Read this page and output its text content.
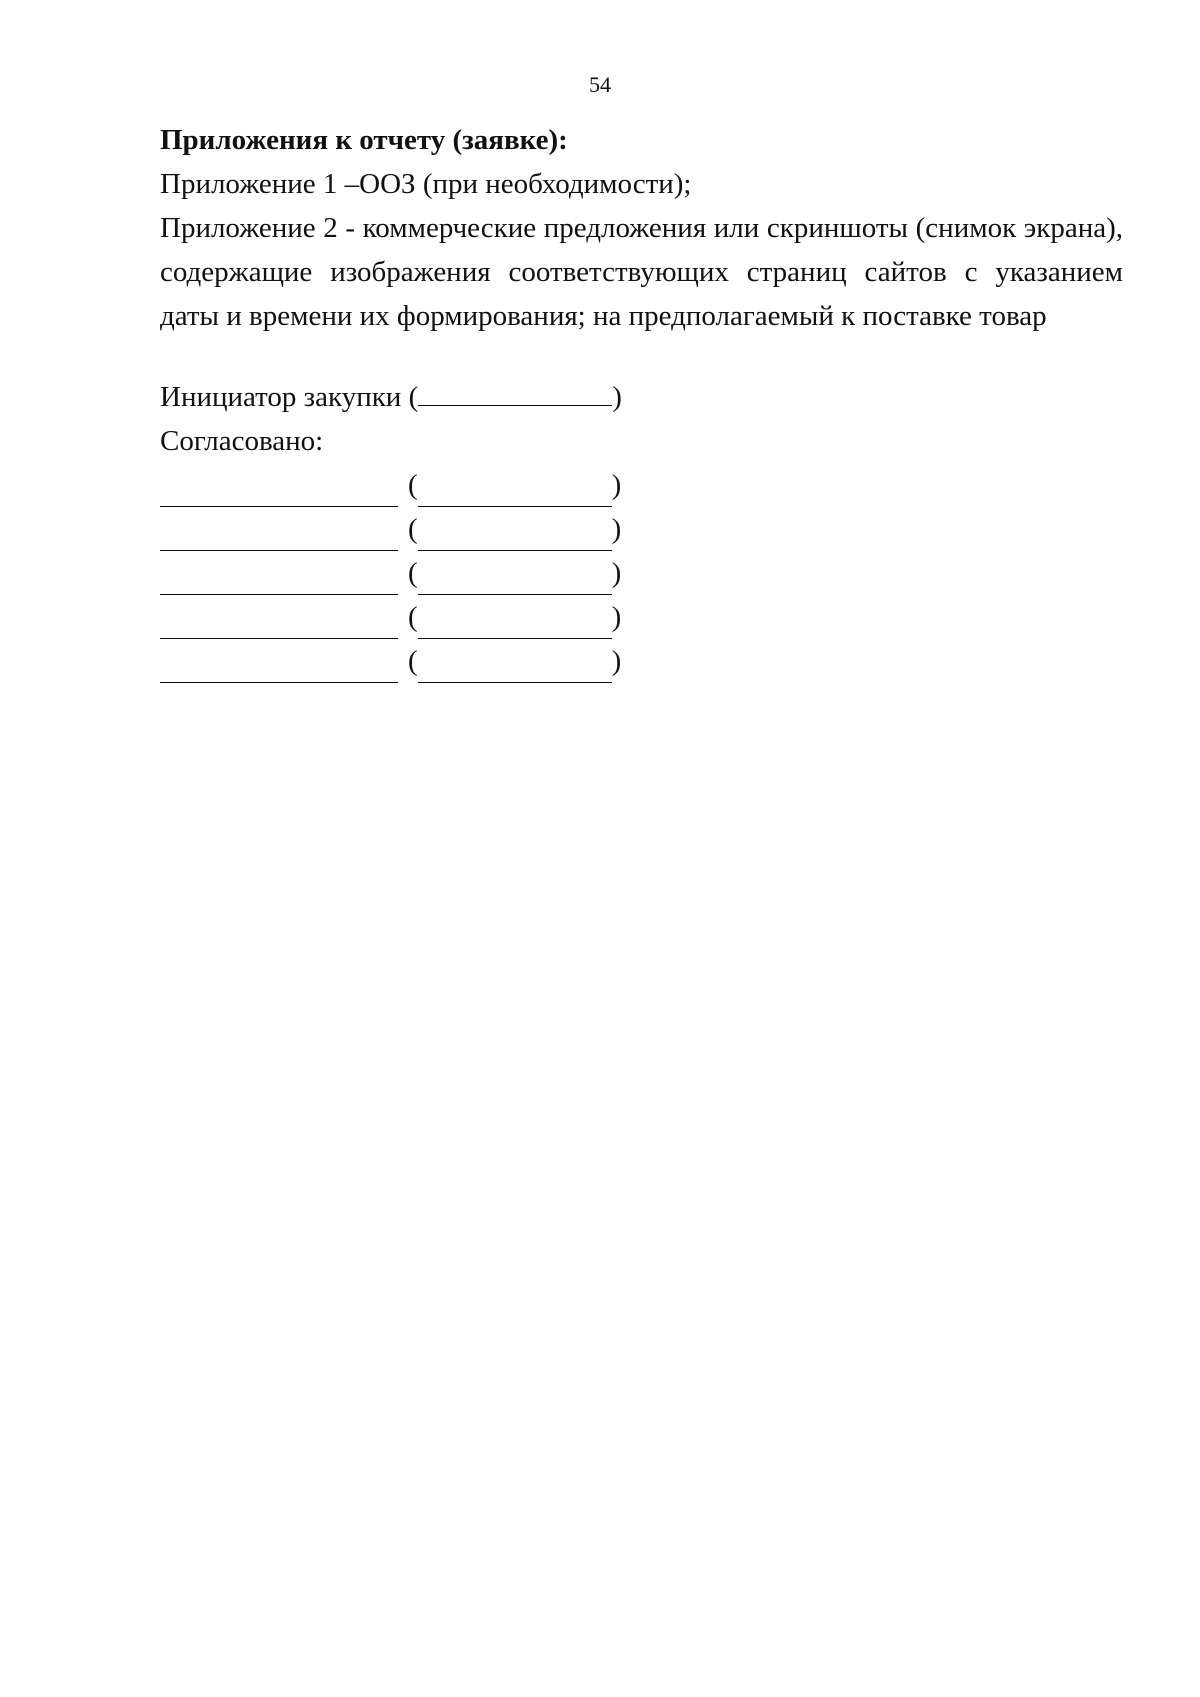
54

Приложения к отчету (заявке):

Приложение 1 –ООЗ (при необходимости);

Приложение 2 - коммерческие предложения или скриншоты (снимок экрана), содержащие изображения соответствующих страниц сайтов с указанием даты и времени их формирования; на предполагаемый к поставке товар

Инициатор закупки (	)

Согласовано:

(	)
(	)
(	)
(	)
(	)
